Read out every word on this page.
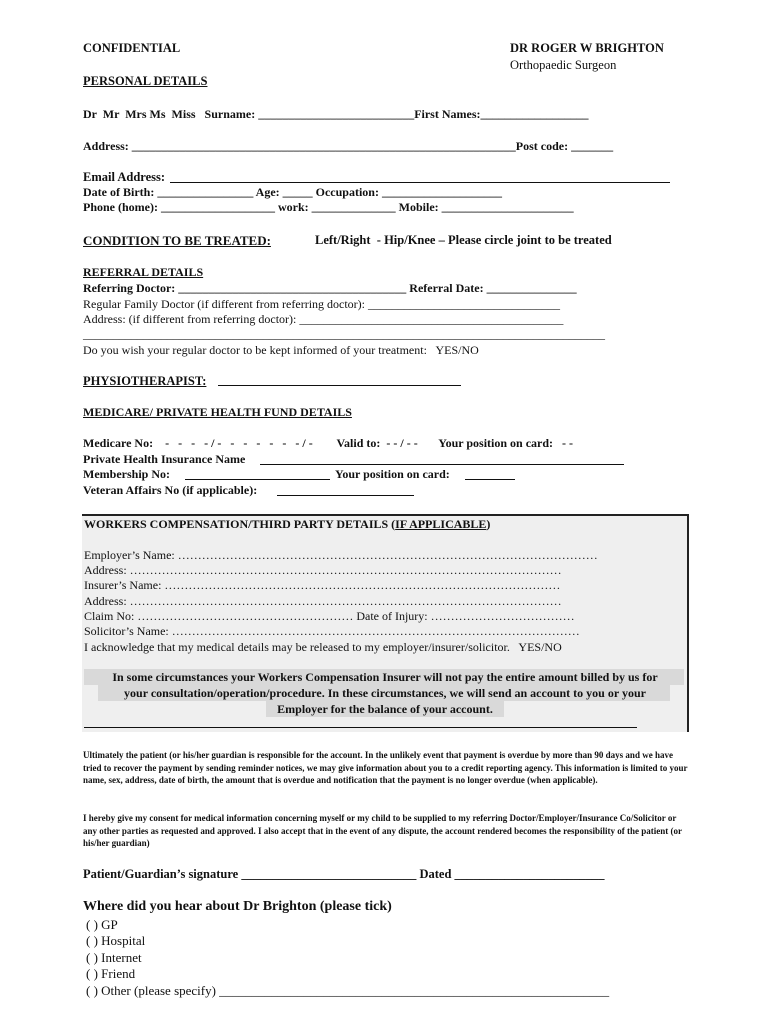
CONFIDENTIAL	DR ROGER W BRIGHTON
Orthopaedic Surgeon
PERSONAL DETAILS
Dr  Mr  Mrs Ms  Miss   Surname: __________________________First Names:__________________
Address: ________________________________________________________________Post code: _______
Email Address:
Date of Birth: ________________ Age: _____ Occupation: ____________________
Phone (home): ___________________ work: ______________ Mobile: ______________________
CONDITION TO BE TREATED:	Left/Right  - Hip/Knee – Please circle joint to be treated
REFERRAL DETAILS
Referring Doctor: ______________________________________ Referral Date: _______________
Regular Family Doctor (if different from referring doctor): ________________________________
Address: (if different from referring doctor): ____________________________________________
_______________________________________________________________________________________
Do you wish your regular doctor to be kept informed of your treatment:   YES/NO
PHYSIOTHERAPIST:
MEDICARE/ PRIVATE HEALTH FUND DETAILS
Medicare No:    -   -   -   - / -   -   -   -   -   -   - / -        Valid to:  - - / - -       Your position on card:   - -
Private Health Insurance Name
Membership No:	Your position on card:
Veteran Affairs No (if applicable):
WORKERS COMPENSATION/THIRD PARTY DETAILS (IF APPLICABLE)
Employer’s Name: ……………………………………………………………………………………………
Address: ………………………………………………………………………………………………
Insurer’s Name: ………………………………………………………………………………………
Address: ………………………………………………………………………………………………
Claim No: ……………………………………………… Date of Injury: ………………………………
Solicitor’s Name: …………………………………………………………………………………………
I acknowledge that my medical details may be released to my employer/insurer/solicitor.   YES/NO
In some circumstances your Workers Compensation Insurer will not pay the entire amount billed by us for
your consultation/operation/procedure. In these circumstances, we will send an account to you or your
Employer for the balance of your account.
Ultimately the patient (or his/her guardian is responsible for the account. In the unlikely event that payment is overdue by more than 90 days and we have tried to recover the payment by sending reminder notices, we may give information about you to a credit reporting agency. This information is limited to your name, sex, address, date of birth, the amount that is overdue and notification that the payment is no longer overdue (when applicable).
I hereby give my consent for medical information concerning myself or my child to be supplied to my referring Doctor/Employer/Insurance Co/Solicitor or any other parties as requested and approved. I also accept that in the event of any dispute, the account rendered becomes the responsibility of the patient (or his/her guardian)
Patient/Guardian’s signature ____________________________ Dated ________________________
Where did you hear about Dr Brighton (please tick)
( ) GP
( ) Hospital
( ) Internet
( ) Friend
( ) Other (please specify) ____________________________________________________________
